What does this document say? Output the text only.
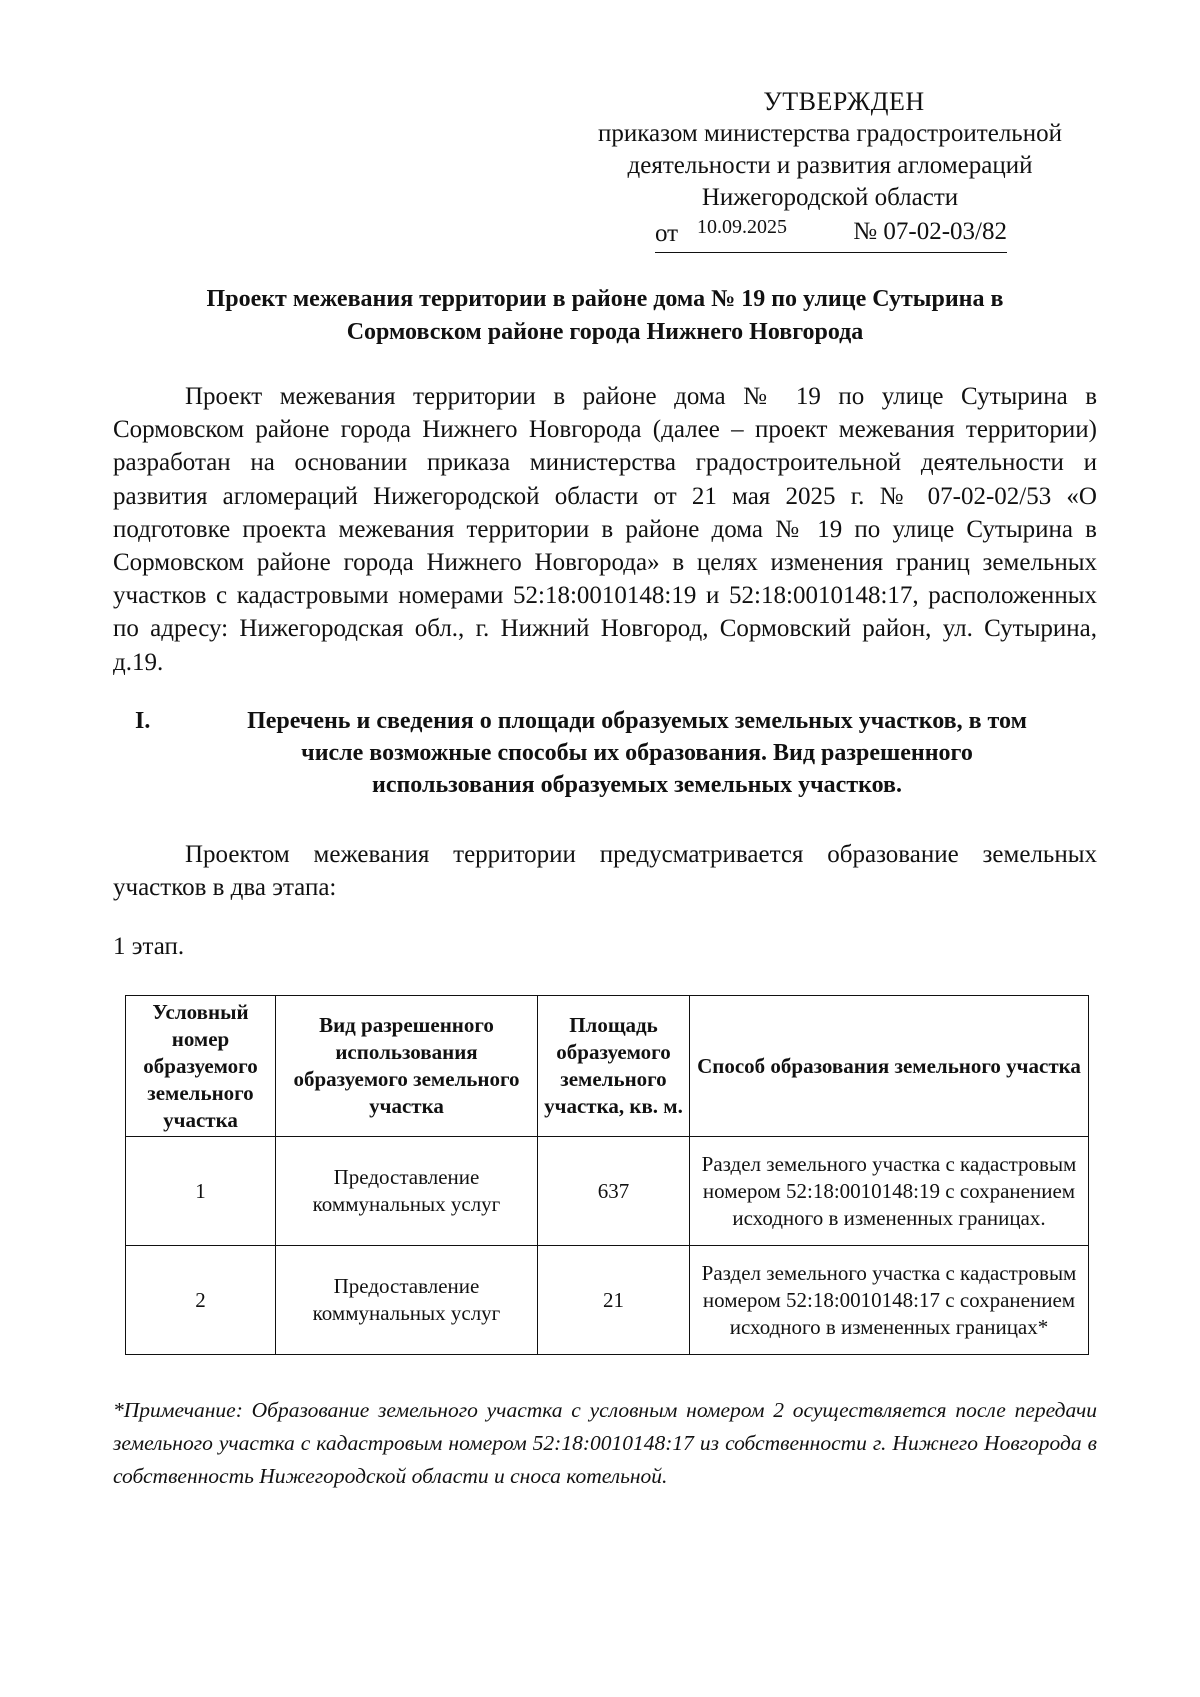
УТВЕРЖДЕН
приказом министерства градостроительной
деятельности и развития агломераций
Нижегородской области
от 10.09.2025	№ 07-02-03/82
Проект межевания территории в районе дома № 19 по улице Сутырина в
Сормовском районе города Нижнего Новгорода
Проект межевания территории в районе дома № 19 по улице Сутырина в Сормовском районе города Нижнего Новгорода (далее – проект межевания территории) разработан на основании приказа министерства градостроительной деятельности и развития агломераций Нижегородской области от 21 мая 2025 г. № 07-02-02/53 «О подготовке проекта межевания территории в районе дома № 19 по улице Сутырина в Сормовском районе города Нижнего Новгорода» в целях изменения границ земельных участков с кадастровыми номерами 52:18:0010148:19 и 52:18:0010148:17, расположенных по адресу: Нижегородская обл., г. Нижний Новгород, Сормовский район, ул. Сутырина, д.19.
I.	Перечень и сведения о площади образуемых земельных участков, в том
числе возможные способы их образования. Вид разрешенного
использования образуемых земельных участков.
Проектом межевания территории предусматривается образование земельных участков в два этапа:
1 этап.
Условный номер образуемого земельного участка	Вид разрешенного использования образуемого земельного участка	Площадь образуемого земельного участка, кв. м.	Способ образования земельного участка
1	Предоставление коммунальных услуг	637	Раздел земельного участка с кадастровым номером 52:18:0010148:19 с сохранением исходного в измененных границах.
2	Предоставление коммунальных услуг	21	Раздел земельного участка с кадастровым номером 52:18:0010148:17 с сохранением исходного в измененных границах*
*Примечание: Образование земельного участка с условным номером 2 осуществляется после передачи земельного участка с кадастровым номером 52:18:0010148:17 из собственности г. Нижнего Новгорода в собственность Нижегородской области и сноса котельной.
